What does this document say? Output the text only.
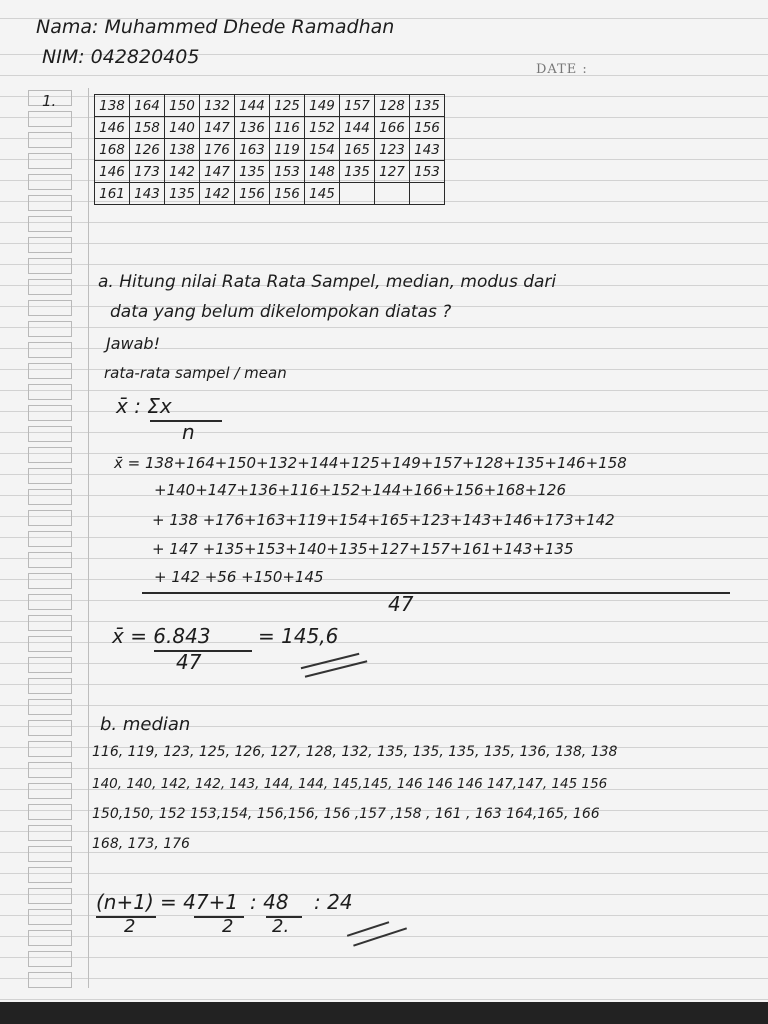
Nama: Muhammed Dhede Ramadhan
NIM: 042820405
DATE :
1.	138	164	150	132	144	125	149	157	128	135
146	158	140	147	136	116	152	144	166	156
168	126	138	176	163	119	154	165	123	143
146	173	142	147	135	153	148	135	127	153
161	143	135	142	156	156	145			
a. Hitung nilai Rata Rata Sampel, median, modus dari
data yang belum dikelompokan diatas ?
Jawab!
rata-rata sampel / mean
x̄ : Σx
n
x̄ = 138+164+150+132+144+125+149+157+128+135+146+158
+140+147+136+116+152+144+166+156+168+126
+ 138 +176+163+119+154+165+123+143+146+173+142
+ 147 +135+153+140+135+127+157+161+143+135
+ 142 +56 +150+145
47
x̄ = 6.843
47
= 145,6
b. median
116, 119, 123, 125, 126, 127, 128, 132, 135, 135, 135, 135, 136, 138, 138
140, 140, 142, 142, 143, 144, 144, 145,145, 146 146 146 147,147, 145 156
150,150, 152 153,154, 156,156, 156 ,157 ,158 , 161 , 163 164,165, 166
168, 173, 176
(n+1)
2
= 47+1
2
: 48
2.
: 24
